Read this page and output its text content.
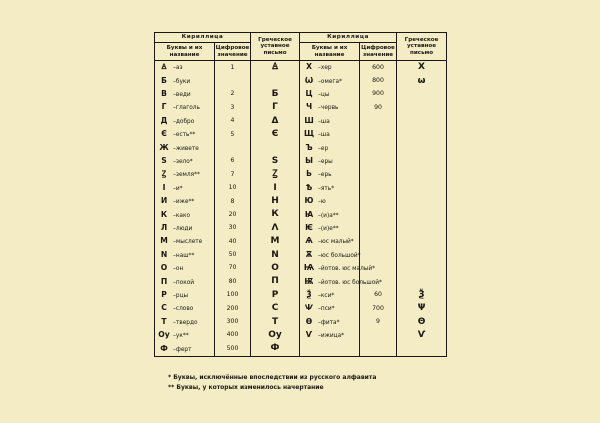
Кириллица		Греческое уставное письмо	Кириллица		Греческое уставное письмо
Буквы и их название	Цифровое значение		Буквы и их название	Цифровое значение	
Ꙙ –аз	1	Ꙙ	Х –хер	600	Х
Б –буки			Ѡ –омега*	800	ω
В –веди	2	Б	Ц –цы	900	
Г –глаголь	3	Г	Ч –червь	90	
Д –добро	4	Δ	Ш –ша		
Є –есть**	5	Є	Щ –ша		
Ж –живете			Ъ –ер		
Ѕ –зело*	6	Ѕ	Ы –еры		
Ꙁ –земля**	7	Ꙁ	Ь –ерь		
І –и*	10	І	Ѣ –ять*		
И –иже**	8	Н	Ю –ю		
К –како	20	К	Ꙗ –(и)а**		
Л –люди	30	Λ	Ѥ –(и)е**		
М –мыслете	40	М	Ѧ –юс малый*		
N –наш**	50	N	Ѫ –юс большой*		
О –он	70	О	Ѩ –йотов. юс малый*		
П –покой	80	П	Ѭ –йотов. юс большой*		
Р –рцы	100	Р	Ѯ –кси*	60	Ѯ
С –слово	200	С	Ѱ –пси*	700	Ψ
Т –твердо	300	Т	Ѳ –фита*	9	Θ
Оу –ук**	400	Оу	Ѵ –ижица*		Ѵ
Ф –ферт	500	Ф			
* Буквы, исключённые впоследствии из русского алфавита
** Буквы, у которых изменилось начертание
